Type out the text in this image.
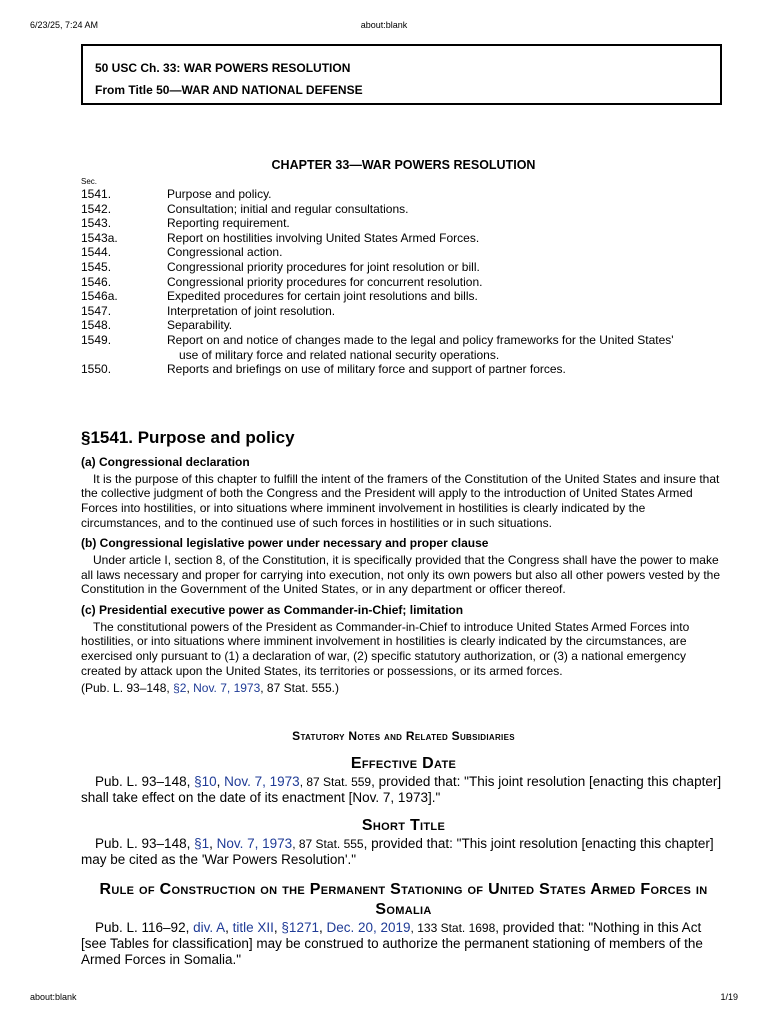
6/23/25, 7:24 AM	about:blank
50 USC Ch. 33: WAR POWERS RESOLUTION
From Title 50—WAR AND NATIONAL DEFENSE
CHAPTER 33—WAR POWERS RESOLUTION
Sec.
1541.	Purpose and policy.
1542.	Consultation; initial and regular consultations.
1543.	Reporting requirement.
1543a.	Report on hostilities involving United States Armed Forces.
1544.	Congressional action.
1545.	Congressional priority procedures for joint resolution or bill.
1546.	Congressional priority procedures for concurrent resolution.
1546a.	Expedited procedures for certain joint resolutions and bills.
1547.	Interpretation of joint resolution.
1548.	Separability.
1549.	Report on and notice of changes made to the legal and policy frameworks for the United States'
use of military force and related national security operations.
1550.	Reports and briefings on use of military force and support of partner forces.
§1541. Purpose and policy
(a) Congressional declaration

It is the purpose of this chapter to fulfill the intent of the framers of the Constitution of the United States and insure that the collective judgment of both the Congress and the President will apply to the introduction of United States Armed Forces into hostilities, or into situations where imminent involvement in hostilities is clearly indicated by the circumstances, and to the continued use of such forces in hostilities or in such situations.

(b) Congressional legislative power under necessary and proper clause

Under article I, section 8, of the Constitution, it is specifically provided that the Congress shall have the power to make all laws necessary and proper for carrying into execution, not only its own powers but also all other powers vested by the Constitution in the Government of the United States, or in any department or officer thereof.

(c) Presidential executive power as Commander-in-Chief; limitation

The constitutional powers of the President as Commander-in-Chief to introduce United States Armed Forces into hostilities, or into situations where imminent involvement in hostilities is clearly indicated by the circumstances, are exercised only pursuant to (1) a declaration of war, (2) specific statutory authorization, or (3) a national emergency created by attack upon the United States, its territories or possessions, or its armed forces.

(Pub. L. 93–148, §2, Nov. 7, 1973, 87 Stat. 555.)
Statutory Notes and Related Subsidiaries
Effective Date

Pub. L. 93–148, §10, Nov. 7, 1973, 87 Stat. 559, provided that: "This joint resolution [enacting this chapter] shall take effect on the date of its enactment [Nov. 7, 1973]."

Short Title

Pub. L. 93–148, §1, Nov. 7, 1973, 87 Stat. 555, provided that: "This joint resolution [enacting this chapter] may be cited as the 'War Powers Resolution'."

Rule of Construction on the Permanent Stationing of United States Armed Forces in Somalia

Pub. L. 116–92, div. A, title XII, §1271, Dec. 20, 2019, 133 Stat. 1698, provided that: "Nothing in this Act [see Tables for classification] may be construed to authorize the permanent stationing of members of the Armed Forces in Somalia."

about:blank	1/19
